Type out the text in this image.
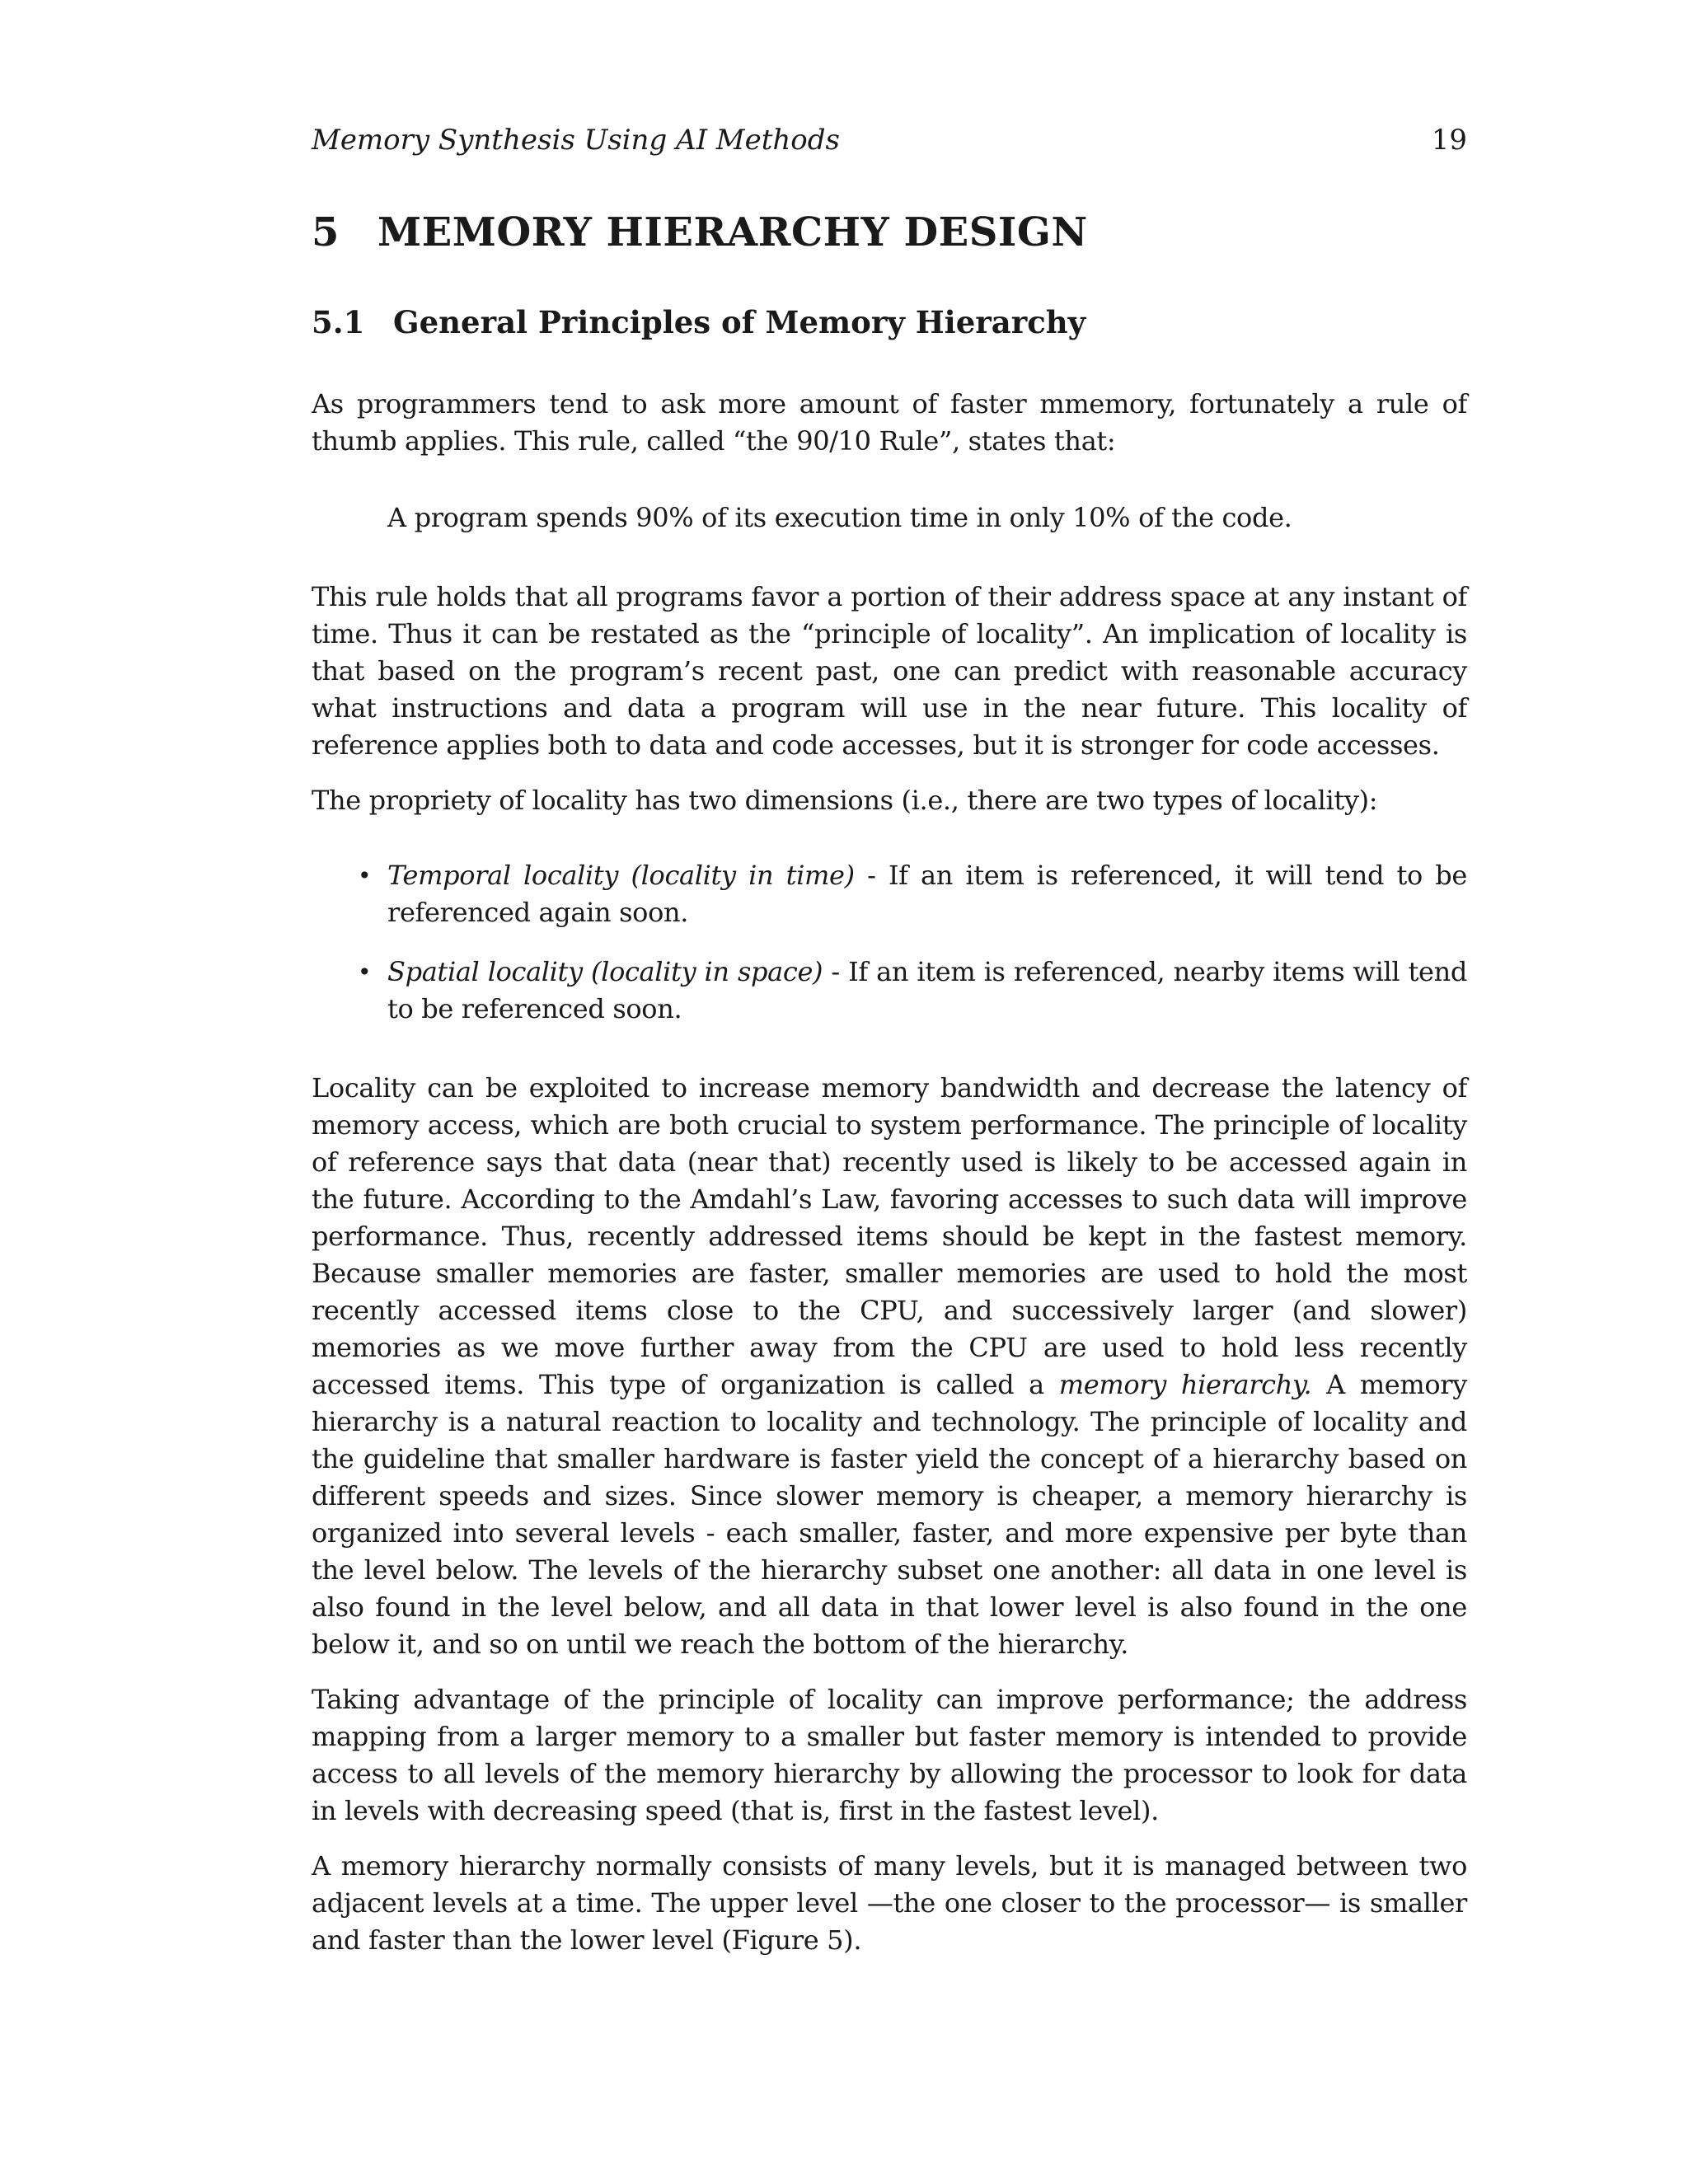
Memory Synthesis Using AI Methods	19
5 MEMORY HIERARCHY DESIGN
5.1 General Principles of Memory Hierarchy

As programmers tend to ask more amount of faster mmemory, fortunately a rule of thumb applies. This rule, called “the 90/10 Rule”, states that:

A program spends 90% of its execution time in only 10% of the code.

This rule holds that all programs favor a portion of their address space at any instant of time. Thus it can be restated as the “principle of locality”. An implication of locality is that based on the program’s recent past, one can predict with reasonable accuracy what instructions and data a program will use in the near future. This locality of reference applies both to data and code accesses, but it is stronger for code accesses.

The propriety of locality has two dimensions (i.e., there are two types of locality):

• Temporal locality (locality in time) - If an item is referenced, it will tend to be referenced again soon.
• Spatial locality (locality in space) - If an item is referenced, nearby items will tend to be referenced soon.

Locality can be exploited to increase memory bandwidth and decrease the latency of memory access, which are both crucial to system performance. The principle of locality of reference says that data (near that) recently used is likely to be accessed again in the future. According to the Amdahl’s Law, favoring accesses to such data will improve performance. Thus, recently addressed items should be kept in the fastest memory. Because smaller memories are faster, smaller memories are used to hold the most recently accessed items close to the CPU, and successively larger (and slower) memories as we move further away from the CPU are used to hold less recently accessed items. This type of organization is called a memory hierarchy. A memory hierarchy is a natural reaction to locality and technology. The principle of locality and the guideline that smaller hardware is faster yield the concept of a hierarchy based on different speeds and sizes. Since slower memory is cheaper, a memory hierarchy is organized into several levels - each smaller, faster, and more expensive per byte than the level below. The levels of the hierarchy subset one another: all data in one level is also found in the level below, and all data in that lower level is also found in the one below it, and so on until we reach the bottom of the hierarchy.

Taking advantage of the principle of locality can improve performance; the address mapping from a larger memory to a smaller but faster memory is intended to provide access to all levels of the memory hierarchy by allowing the processor to look for data in levels with decreasing speed (that is, first in the fastest level).

A memory hierarchy normally consists of many levels, but it is managed between two adjacent levels at a time. The upper level —the one closer to the processor— is smaller and faster than the lower level (Figure 5).
